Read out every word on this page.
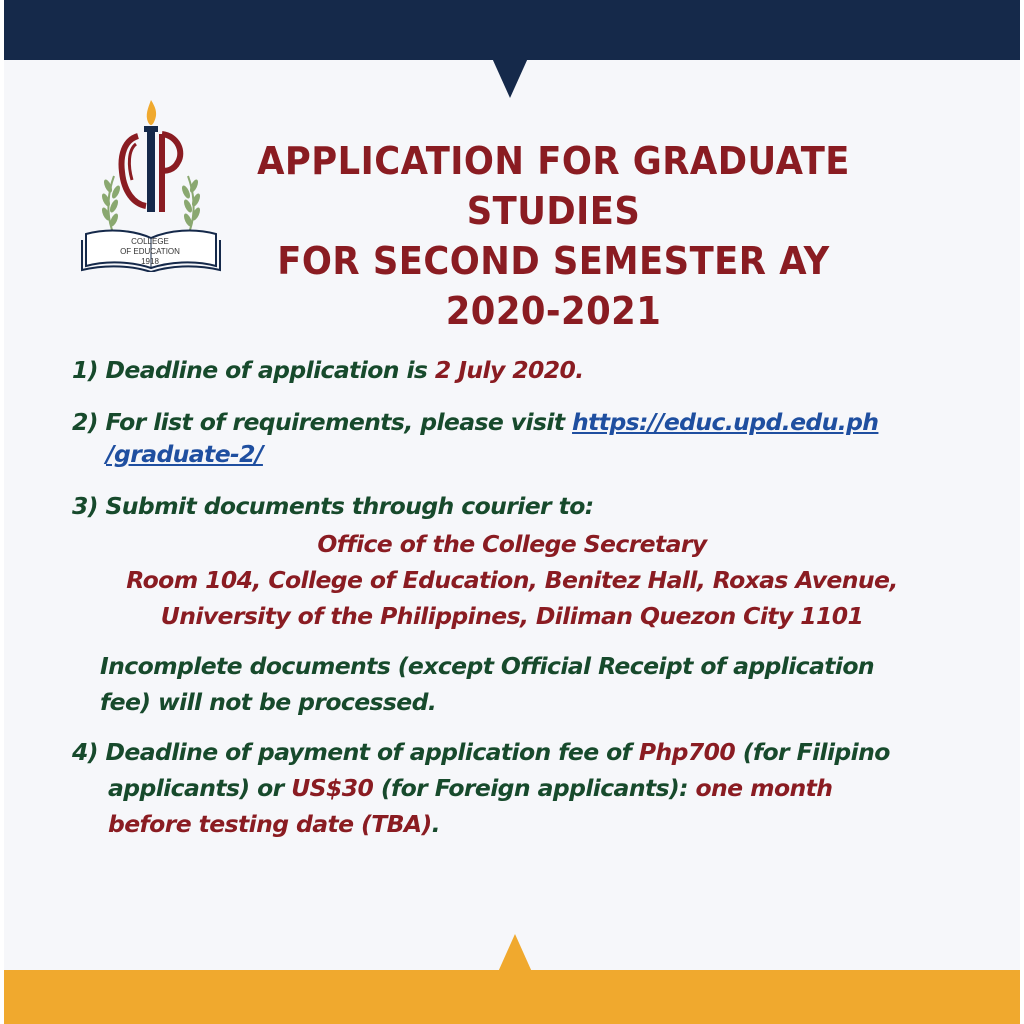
COLLEGE
OF EDUCATION
1918
APPLICATION FOR GRADUATE STUDIES
FOR SECOND SEMESTER AY 2020-2021
1) Deadline of application is 2 July 2020.
2) For list of requirements, please visit https://educ.upd.edu.ph
/graduate-2/
3) Submit documents through courier to:
Office of the College Secretary
Room 104, College of Education, Benitez Hall, Roxas Avenue,
University of the Philippines, Diliman Quezon City 1101
Incomplete documents (except Official Receipt of application
fee) will not be processed.
4) Deadline of payment of application fee of Php700 (for Filipino
applicants) or US$30 (for Foreign applicants): one month
before testing date (TBA).
